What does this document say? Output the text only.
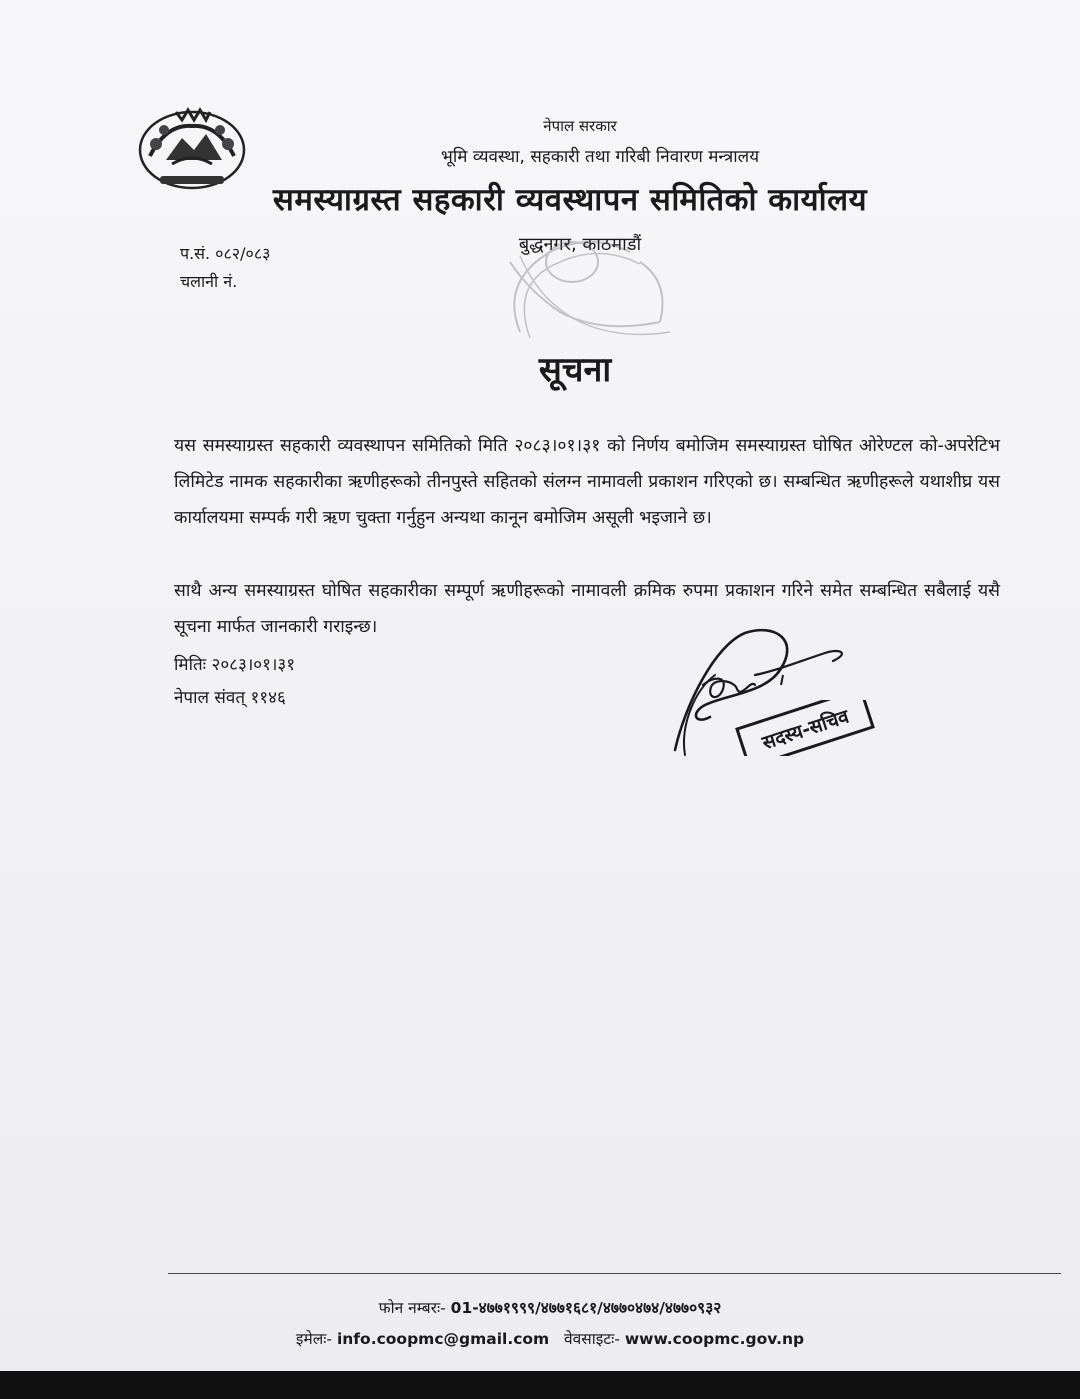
नेपाल सरकार
भूमि व्यवस्था, सहकारी तथा गरिबी निवारण मन्त्रालय
समस्याग्रस्त सहकारी व्यवस्थापन समितिको कार्यालय
बुद्धनगर, काठमाडौं
प.सं. ०८२/०८३
चलानी नं.
सूचना

यस समस्याग्रस्त सहकारी व्यवस्थापन समितिको मिति २०८३।०१।३१ को निर्णय बमोजिम समस्याग्रस्त घोषित ओरेण्टल को-अपरेटिभ लिमिटेड नामक सहकारीका ऋणीहरूको तीनपुस्ते सहितको संलग्न नामावली प्रकाशन गरिएको छ। सम्बन्धित ऋणीहरूले यथाशीघ्र यस कार्यालयमा सम्पर्क गरी ऋण चुक्ता गर्नुहुन अन्यथा कानून बमोजिम असूली भइजाने छ।

साथै अन्य समस्याग्रस्त घोषित सहकारीका सम्पूर्ण ऋणीहरूको नामावली क्रमिक रुपमा प्रकाशन गरिने समेत सम्बन्धित सबैलाई यसै सूचना मार्फत जानकारी गराइन्छ।

मितिः २०८३।०१।३१
नेपाल संवत् ११४६
सदस्य-सचिव
फोन नम्बरः- 01-४७७१९९९/४७७१६८१/४७७०४७४/४७७०९३२
इमेलः- info.coopmc@gmail.com वेवसाइटः- www.coopmc.gov.np
